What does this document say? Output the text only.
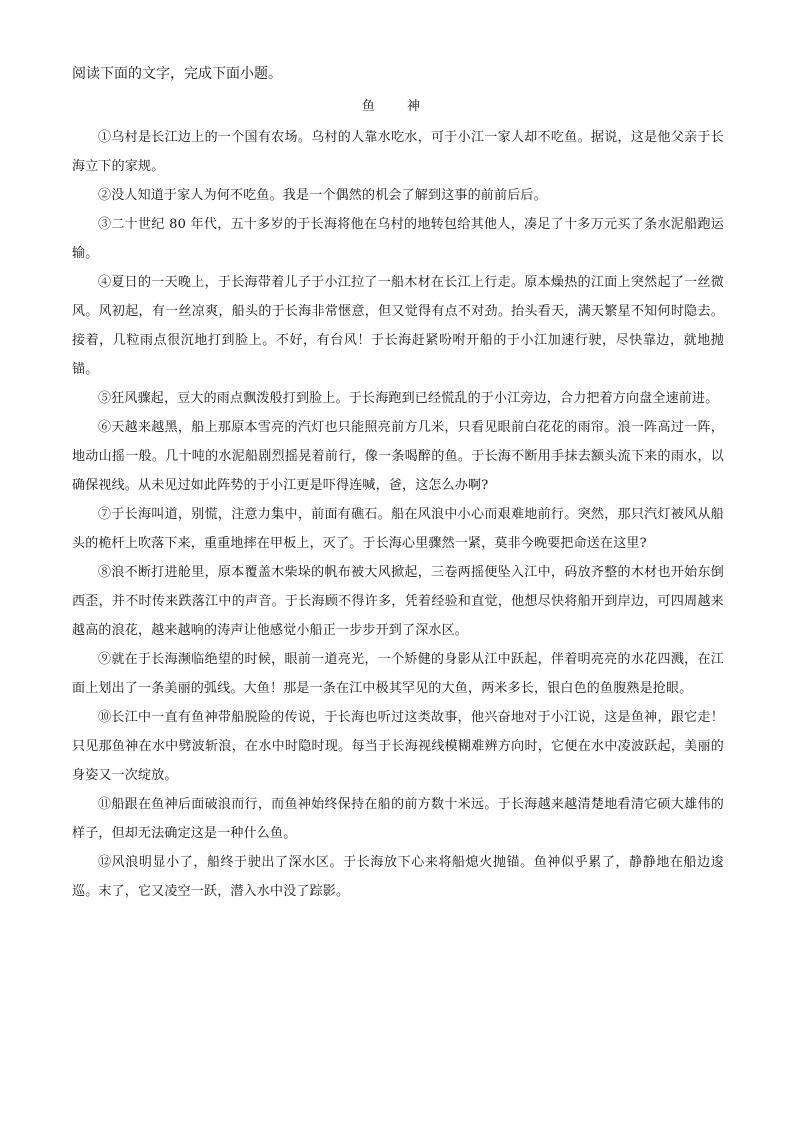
阅读下面的文字，完成下面小题。

鱼 神

①乌村是长江边上的一个国有农场。乌村的人靠水吃水，可于小江一家人却不吃鱼。据说，这是他父亲于长海立下的家规。

②没人知道于家人为何不吃鱼。我是一个偶然的机会了解到这事的前前后后。

③二十世纪 80 年代，五十多岁的于长海将他在乌村的地转包给其他人，凑足了十多万元买了条水泥船跑运输。

④夏日的一天晚上，于长海带着儿子于小江拉了一船木材在长江上行走。原本燥热的江面上突然起了一丝微风。风初起，有一丝凉爽，船头的于长海非常惬意，但又觉得有点不对劲。抬头看天，满天繁星不知何时隐去。接着，几粒雨点很沉地打到脸上。不好，有台风！于长海赶紧吩咐开船的于小江加速行驶，尽快靠边，就地抛锚。

⑤狂风骤起，豆大的雨点飘泼般打到脸上。于长海跑到已经慌乱的于小江旁边，合力把着方向盘全速前进。

⑥天越来越黑，船上那原本雪亮的汽灯也只能照亮前方几米，只看见眼前白花花的雨帘。浪一阵高过一阵，地动山摇一般。几十吨的水泥船剧烈摇晃着前行，像一条喝醉的鱼。于长海不断用手抹去额头流下来的雨水，以确保视线。从未见过如此阵势的于小江更是吓得连喊，爸，这怎么办啊?

⑦于长海叫道，别慌，注意力集中，前面有礁石。船在风浪中小心而艰难地前行。突然，那只汽灯被风从船头的桅杆上吹落下来，重重地摔在甲板上，灭了。于长海心里骤然一紧，莫非今晚要把命送在这里?

⑧浪不断打进舱里，原本覆盖木柴垛的帆布被大风掀起，三卷两摇便坠入江中，码放齐整的木材也开始东倒西歪，并不时传来跌落江中的声音。于长海顾不得许多，凭着经验和直觉，他想尽快将船开到岸边，可四周越来越高的浪花，越来越响的涛声让他感觉小船正一步步开到了深水区。

⑨就在于长海濒临绝望的时候，眼前一道亮光，一个矫健的身影从江中跃起，伴着明亮亮的水花四溅，在江面上划出了一条美丽的弧线。大鱼！那是一条在江中极其罕见的大鱼，两米多长，银白色的鱼腹熟是抢眼。

⑩长江中一直有鱼神带船脱险的传说，于长海也听过这类故事，他兴奋地对于小江说，这是鱼神，跟它走！只见那鱼神在水中劈波斩浪，在水中时隐时现。每当于长海视线模糊难辨方向时，它便在水中凌波跃起，美丽的身姿又一次绽放。

⑪船跟在鱼神后面破浪而行，而鱼神始终保持在船的前方数十米远。于长海越来越清楚地看清它硕大雄伟的样子，但却无法确定这是一种什么鱼。

⑫风浪明显小了，船终于驶出了深水区。于长海放下心来将船熄火抛锚。鱼神似乎累了，静静地在船边逡巡。末了，它又凌空一跃，潜入水中没了踪影。
